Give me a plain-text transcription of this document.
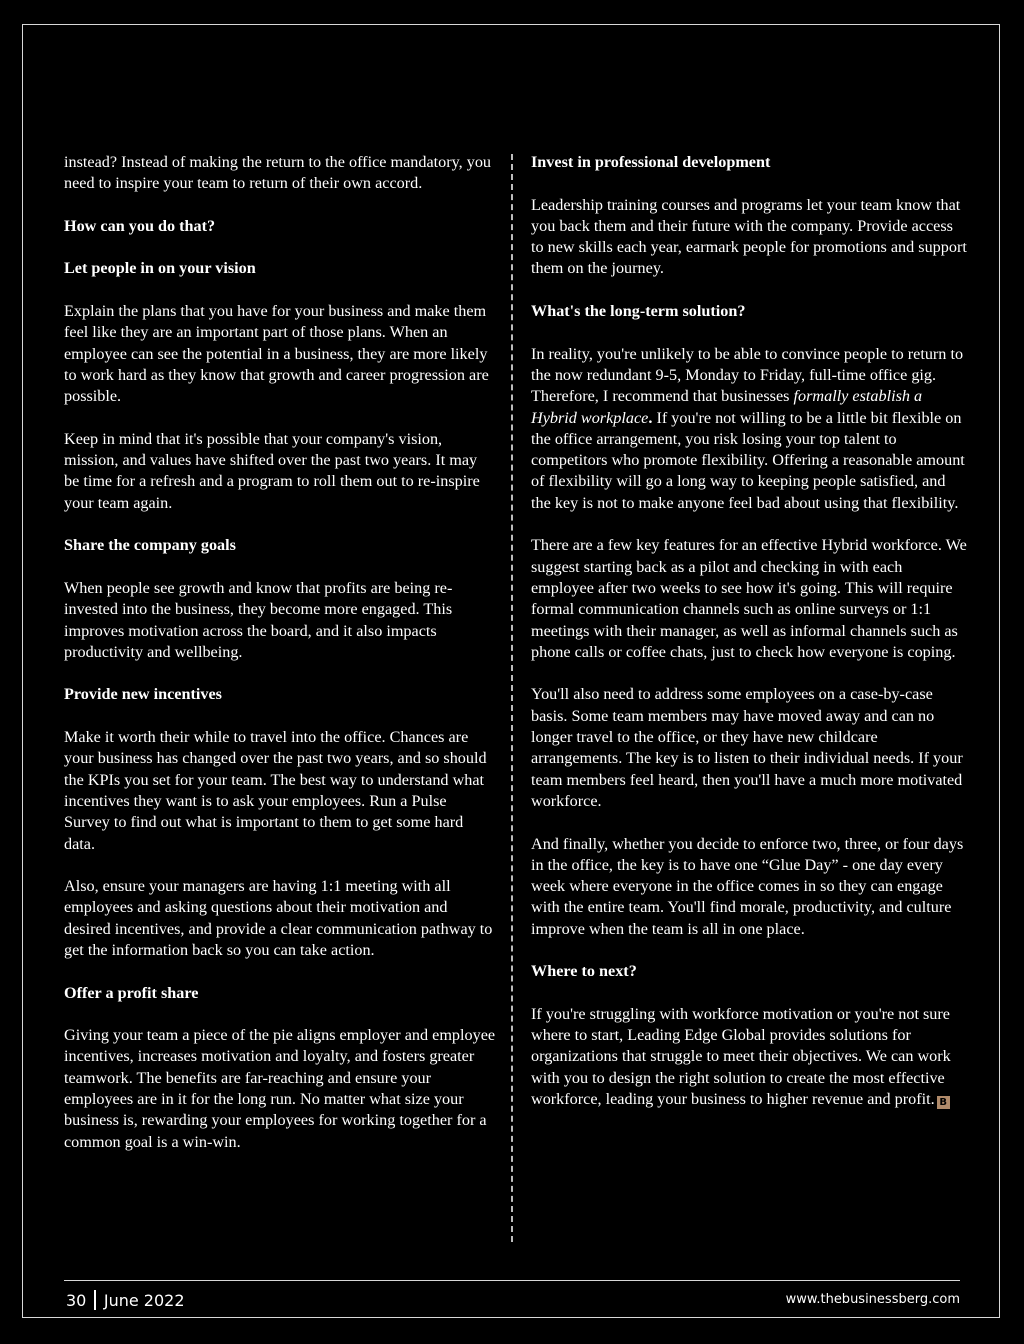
instead? Instead of making the return to the office mandatory, you need to inspire your team to return of their own accord.

How can you do that?
Let people in on your vision

Explain the plans that you have for your business and make them feel like they are an important part of those plans. When an employee can see the potential in a business, they are more likely to work hard as they know that growth and career progression are possible.

Keep in mind that it's possible that your company's vision, mission, and values have shifted over the past two years. It may be time for a refresh and a program to roll them out to re-inspire your team again.

Share the company goals

When people see growth and know that profits are being re-invested into the business, they become more engaged. This improves motivation across the board, and it also impacts productivity and wellbeing.

Provide new incentives

Make it worth their while to travel into the office. Chances are your business has changed over the past two years, and so should the KPIs you set for your team. The best way to understand what incentives they want is to ask your employees. Run a Pulse Survey to find out what is important to them to get some hard data.

Also, ensure your managers are having 1:1 meeting with all employees and asking questions about their motivation and desired incentives, and provide a clear communication pathway to get the information back so you can take action.

Offer a profit share

Giving your team a piece of the pie aligns employer and employee incentives, increases motivation and loyalty, and fosters greater teamwork. The benefits are far-reaching and ensure your employees are in it for the long run. No matter what size your business is, rewarding your employees for working together for a common goal is a win-win.

Invest in professional development

Leadership training courses and programs let your team know that you back them and their future with the company. Provide access to new skills each year, earmark people for promotions and support them on the journey.

What's the long-term solution?

In reality, you're unlikely to be able to convince people to return to the now redundant 9-5, Monday to Friday, full-time office gig. Therefore, I recommend that businesses formally establish a Hybrid workplace. If you're not willing to be a little bit flexible on the office arrangement, you risk losing your top talent to competitors who promote flexibility. Offering a reasonable amount of flexibility will go a long way to keeping people satisfied, and the key is not to make anyone feel bad about using that flexibility.

There are a few key features for an effective Hybrid workforce. We suggest starting back as a pilot and checking in with each employee after two weeks to see how it's going. This will require formal communication channels such as online surveys or 1:1 meetings with their manager, as well as informal channels such as phone calls or coffee chats, just to check how everyone is coping.

You'll also need to address some employees on a case-by-case basis. Some team members may have moved away and can no longer travel to the office, or they have new childcare arrangements. The key is to listen to their individual needs. If your team members feel heard, then you'll have a much more motivated workforce.

And finally, whether you decide to enforce two, three, or four days in the office, the key is to have one “Glue Day” - one day every week where everyone in the office comes in so they can engage with the entire team. You'll find morale, productivity, and culture improve when the team is all in one place.

Where to next?

If you're struggling with workforce motivation or you're not sure where to start, Leading Edge Global provides solutions for organizations that struggle to meet their objectives. We can work with you to design the right solution to create the most effective workforce, leading your business to higher revenue and profit. B

30 June 2022	www.thebusinessberg.com
